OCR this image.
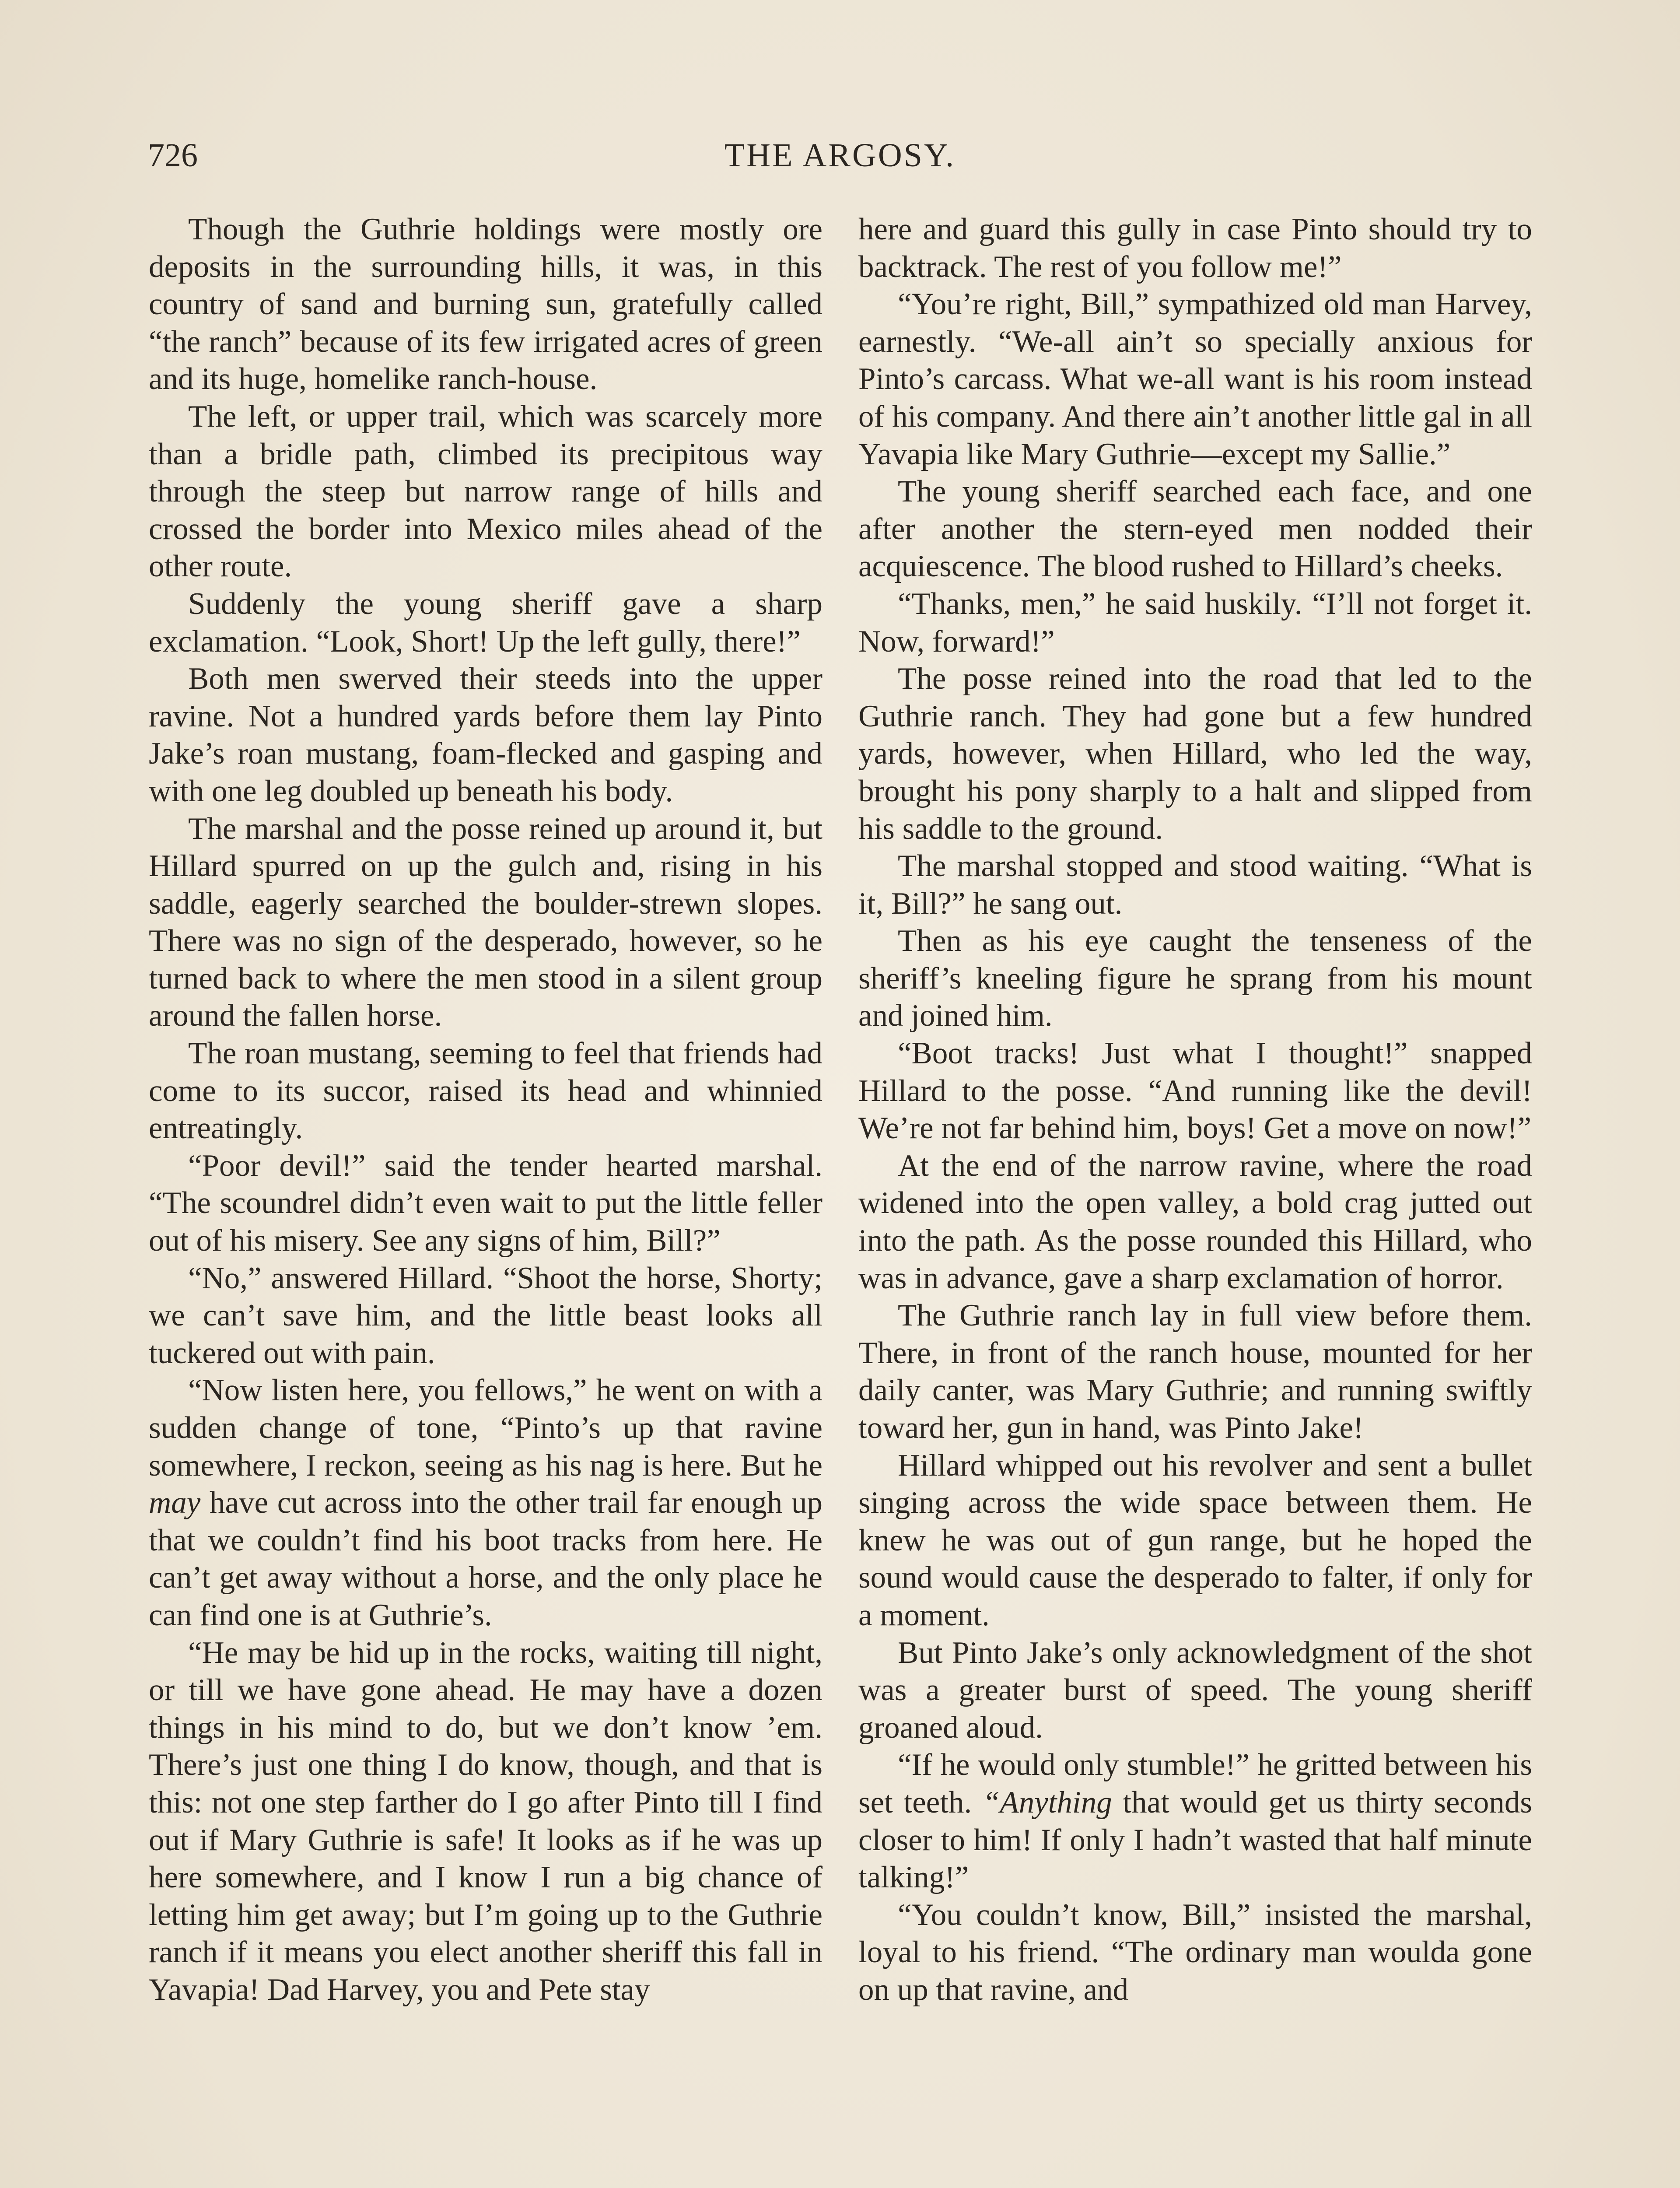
726	THE ARGOSY.

Though the Guthrie holdings were mostly ore deposits in the surrounding hills, it was, in this country of sand and burning sun, gratefully called “the ranch” because of its few irrigated acres of green and its huge, homelike ranch-house.

The left, or upper trail, which was scarcely more than a bridle path, climbed its precipitous way through the steep but narrow range of hills and crossed the border into Mexico miles ahead of the other route.

Suddenly the young sheriff gave a sharp exclamation. “Look, Short! Up the left gully, there!”

Both men swerved their steeds into the upper ravine. Not a hundred yards before them lay Pinto Jake’s roan mustang, foam-flecked and gasping and with one leg doubled up beneath his body.

The marshal and the posse reined up around it, but Hillard spurred on up the gulch and, rising in his saddle, eagerly searched the boulder-strewn slopes. There was no sign of the desperado, however, so he turned back to where the men stood in a silent group around the fallen horse.

The roan mustang, seeming to feel that friends had come to its succor, raised its head and whinnied entreatingly.

“Poor devil!” said the tender hearted marshal. “The scoundrel didn’t even wait to put the little feller out of his misery. See any signs of him, Bill?”

“No,” answered Hillard. “Shoot the horse, Shorty; we can’t save him, and the little beast looks all tuckered out with pain.

“Now listen here, you fellows,” he went on with a sudden change of tone, “Pinto’s up that ravine somewhere, I reckon, seeing as his nag is here. But he may have cut across into the other trail far enough up that we couldn’t find his boot tracks from here. He can’t get away without a horse, and the only place he can find one is at Guthrie’s.

“He may be hid up in the rocks, waiting till night, or till we have gone ahead. He may have a dozen things in his mind to do, but we don’t know ’em. There’s just one thing I do know, though, and that is this: not one step farther do I go after Pinto till I find out if Mary Guthrie is safe! It looks as if he was up here somewhere, and I know I run a big chance of letting him get away; but I’m going up to the Guthrie ranch if it means you elect another sheriff this fall in Yavapia! Dad Harvey, you and Pete stay

here and guard this gully in case Pinto should try to backtrack. The rest of you follow me!”

“You’re right, Bill,” sympathized old man Harvey, earnestly. “We-all ain’t so specially anxious for Pinto’s carcass. What we-all want is his room instead of his company. And there ain’t another little gal in all Yavapia like Mary Guthrie—except my Sallie.”

The young sheriff searched each face, and one after another the stern-eyed men nodded their acquiescence. The blood rushed to Hillard’s cheeks.

“Thanks, men,” he said huskily. “I’ll not forget it. Now, forward!”

The posse reined into the road that led to the Guthrie ranch. They had gone but a few hundred yards, however, when Hillard, who led the way, brought his pony sharply to a halt and slipped from his saddle to the ground.

The marshal stopped and stood waiting. “What is it, Bill?” he sang out.

Then as his eye caught the tenseness of the sheriff’s kneeling figure he sprang from his mount and joined him.

“Boot tracks! Just what I thought!” snapped Hillard to the posse. “And running like the devil! We’re not far behind him, boys! Get a move on now!”

At the end of the narrow ravine, where the road widened into the open valley, a bold crag jutted out into the path. As the posse rounded this Hillard, who was in advance, gave a sharp exclamation of horror.

The Guthrie ranch lay in full view before them. There, in front of the ranch house, mounted for her daily canter, was Mary Guthrie; and running swiftly toward her, gun in hand, was Pinto Jake!

Hillard whipped out his revolver and sent a bullet singing across the wide space between them. He knew he was out of gun range, but he hoped the sound would cause the desperado to falter, if only for a moment.

But Pinto Jake’s only acknowledgment of the shot was a greater burst of speed. The young sheriff groaned aloud.

“If he would only stumble!” he gritted between his set teeth. “Anything that would get us thirty seconds closer to him! If only I hadn’t wasted that half minute talking!”

“You couldn’t know, Bill,” insisted the marshal, loyal to his friend. “The ordinary man woulda gone on up that ravine, and
